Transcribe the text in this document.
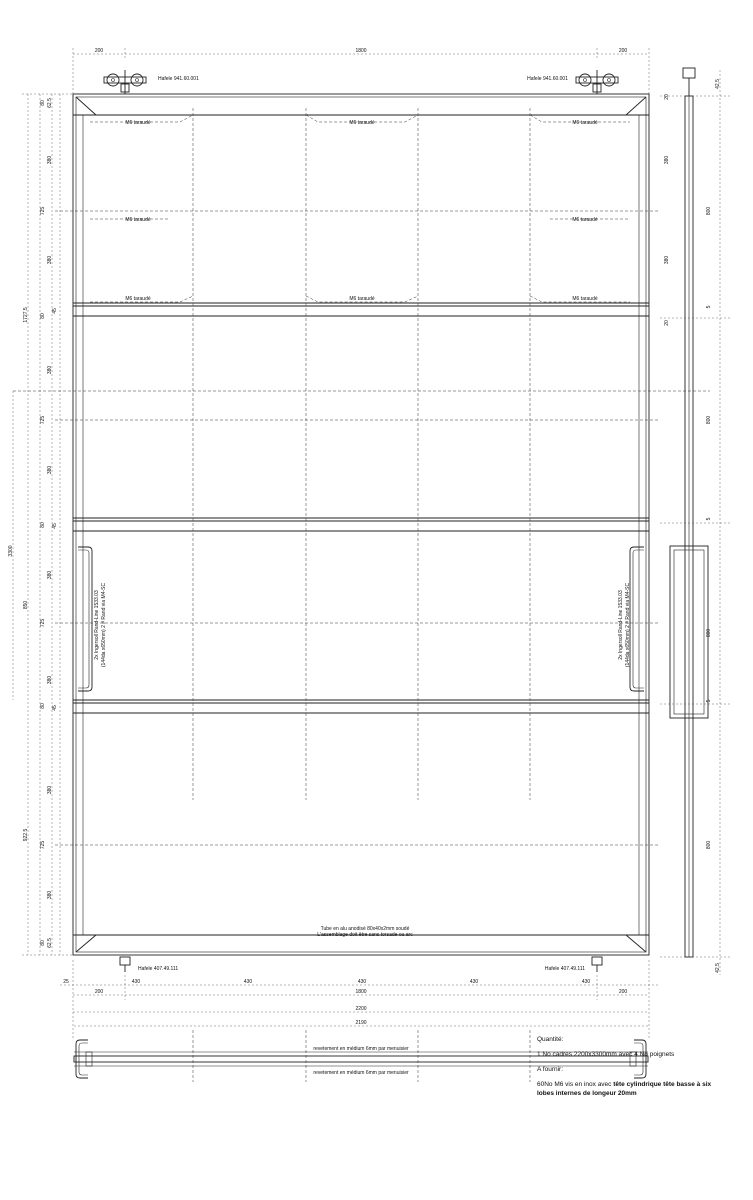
200	1800	200
Hafele 941.60.001	Hafele 941.60.001
M6 taraudé	M6 taraudé	M6 taraudé
M6 taraudé	M6 taraudé
M6 taraudé	M6 taraudé	M6 taraudé
2x Ingersoll Rand-Line 1533.03 (144da x650mm) 2 # Rand via M4-SC	2x Ingersoll Rand-Line 1533.03 (144da x650mm) 2 # Rand via M4-SC
Tube en alu anodisé 80x40x2mm soudé
L'assemblage doit être sans torsade ou arc
3300
1727.5
850
922.5
62.5
62.5
80
80
80
80
80
45
45
45
380
380
380
380
380
380
380
380
725
725
725
725
42.5
20
20
380
380
800
800
800
800
5
5
5
42.5
Hafele 407.49.111	Hafele 407.49.111
25	430	430	430	430	430
200	1800	200
2200
2190
revetement en médium 6mm par menuisier
revetement en médium 6mm par menuisier
Quantité:
1 No cadres 2200x3300mm avec 4 No poignets
A fournir:
60No M6 vis en inox avec tête cylindrique tête basse à six lobes internes de longeur 20mm
